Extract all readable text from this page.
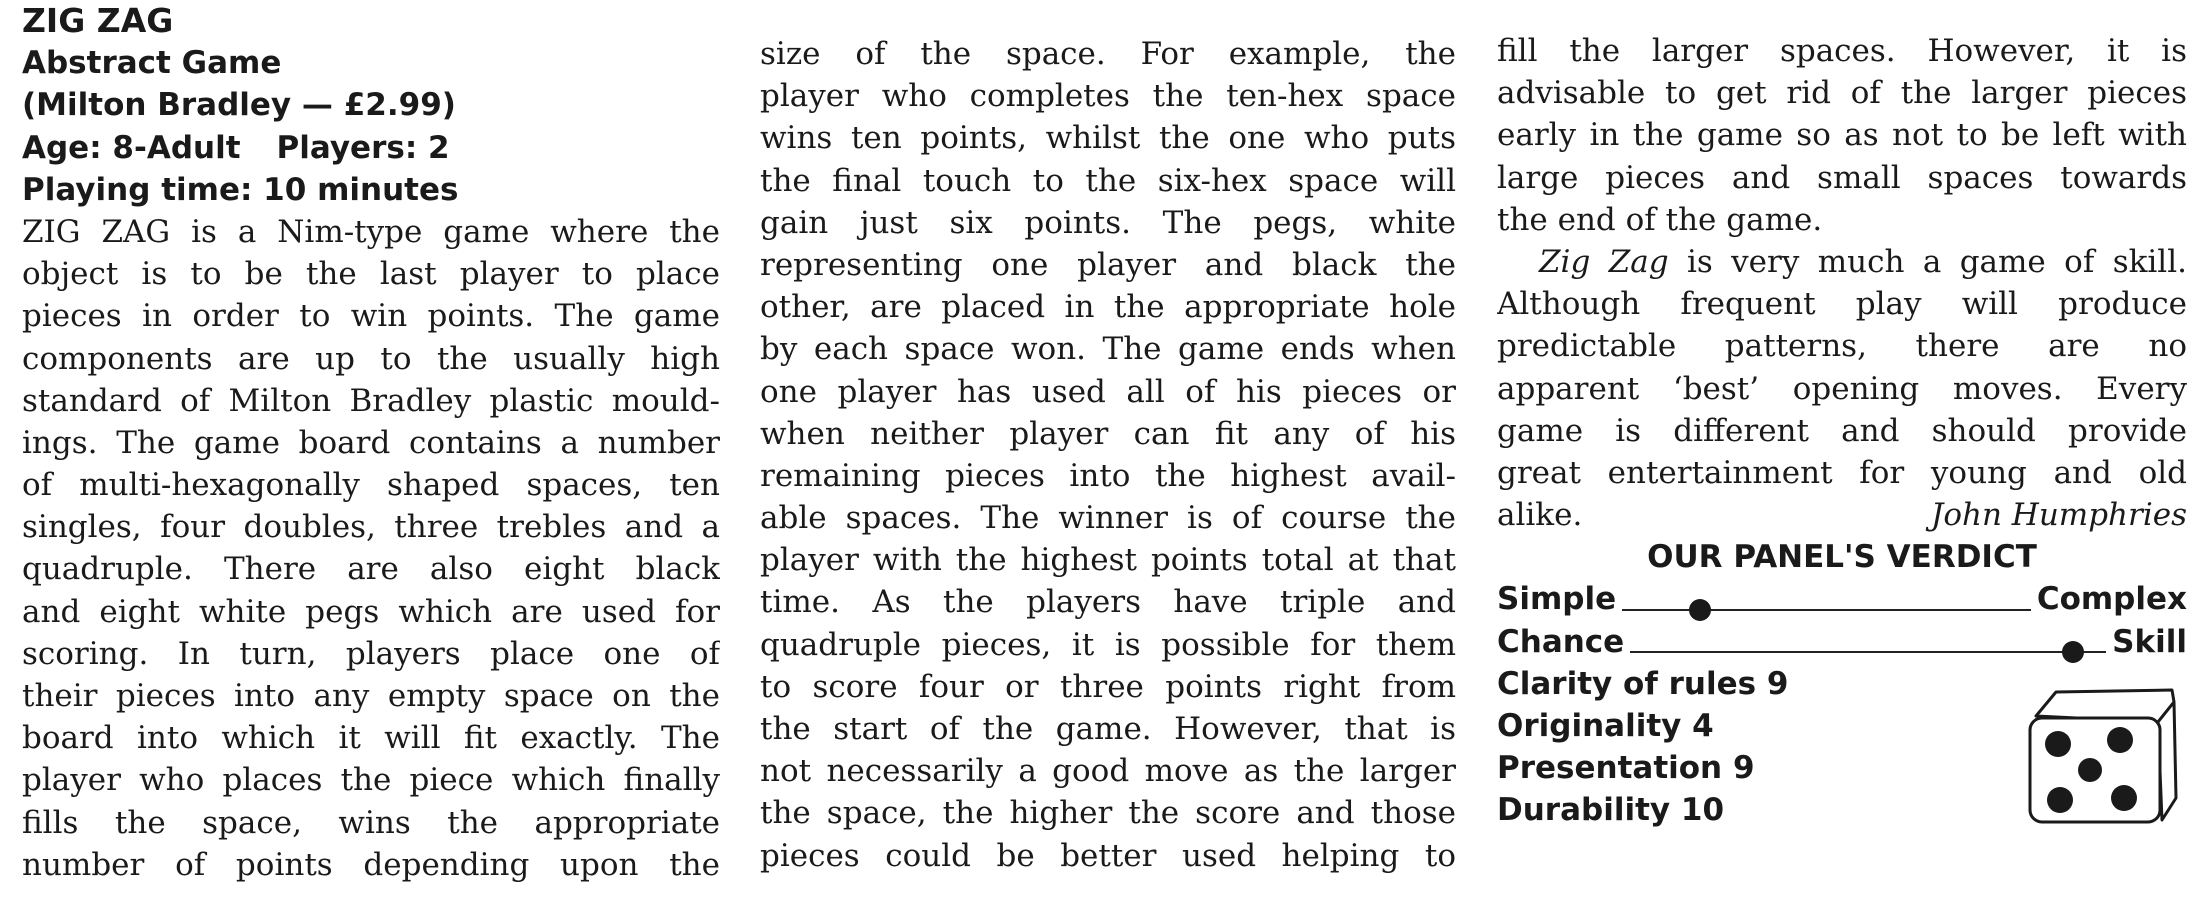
ZIG ZAG
Abstract Game
(Milton Bradley — £2.99)
Age: 8-Adult Players: 2
Playing time: 10 minutes
ZIG ZAG is a Nim-type game where the
object is to be the last player to place
pieces in order to win points. The game
components are up to the usually high
standard of Milton Bradley plastic mould-
ings. The game board contains a number
of multi-hexagonally shaped spaces, ten
singles, four doubles, three trebles and a
quadruple. There are also eight black
and eight white pegs which are used for
scoring. In turn, players place one of
their pieces into any empty space on the
board into which it will fit exactly. The
player who places the piece which finally
fills the space, wins the appropriate
number of points depending upon the
size of the space. For example, the
player who completes the ten-hex space
wins ten points, whilst the one who puts
the final touch to the six-hex space will
gain just six points. The pegs, white
representing one player and black the
other, are placed in the appropriate hole
by each space won. The game ends when
one player has used all of his pieces or
when neither player can fit any of his
remaining pieces into the highest avail-
able spaces. The winner is of course the
player with the highest points total at that
time. As the players have triple and
quadruple pieces, it is possible for them
to score four or three points right from
the start of the game. However, that is
not necessarily a good move as the larger
the space, the higher the score and those
pieces could be better used helping to
fill the larger spaces. However, it is
advisable to get rid of the larger pieces
early in the game so as not to be left with
large pieces and small spaces towards
the end of the game.
Zig Zag is very much a game of skill.
Although frequent play will produce
predictable patterns, there are no
apparent ‘best’ opening moves. Every
game is different and should provide
great entertainment for young and old
alike.	John Humphries
OUR PANEL'S VERDICT
Simple	Complex
Chance	Skill
Clarity of rules 9
Originality 4
Presentation 9
Durability 10
